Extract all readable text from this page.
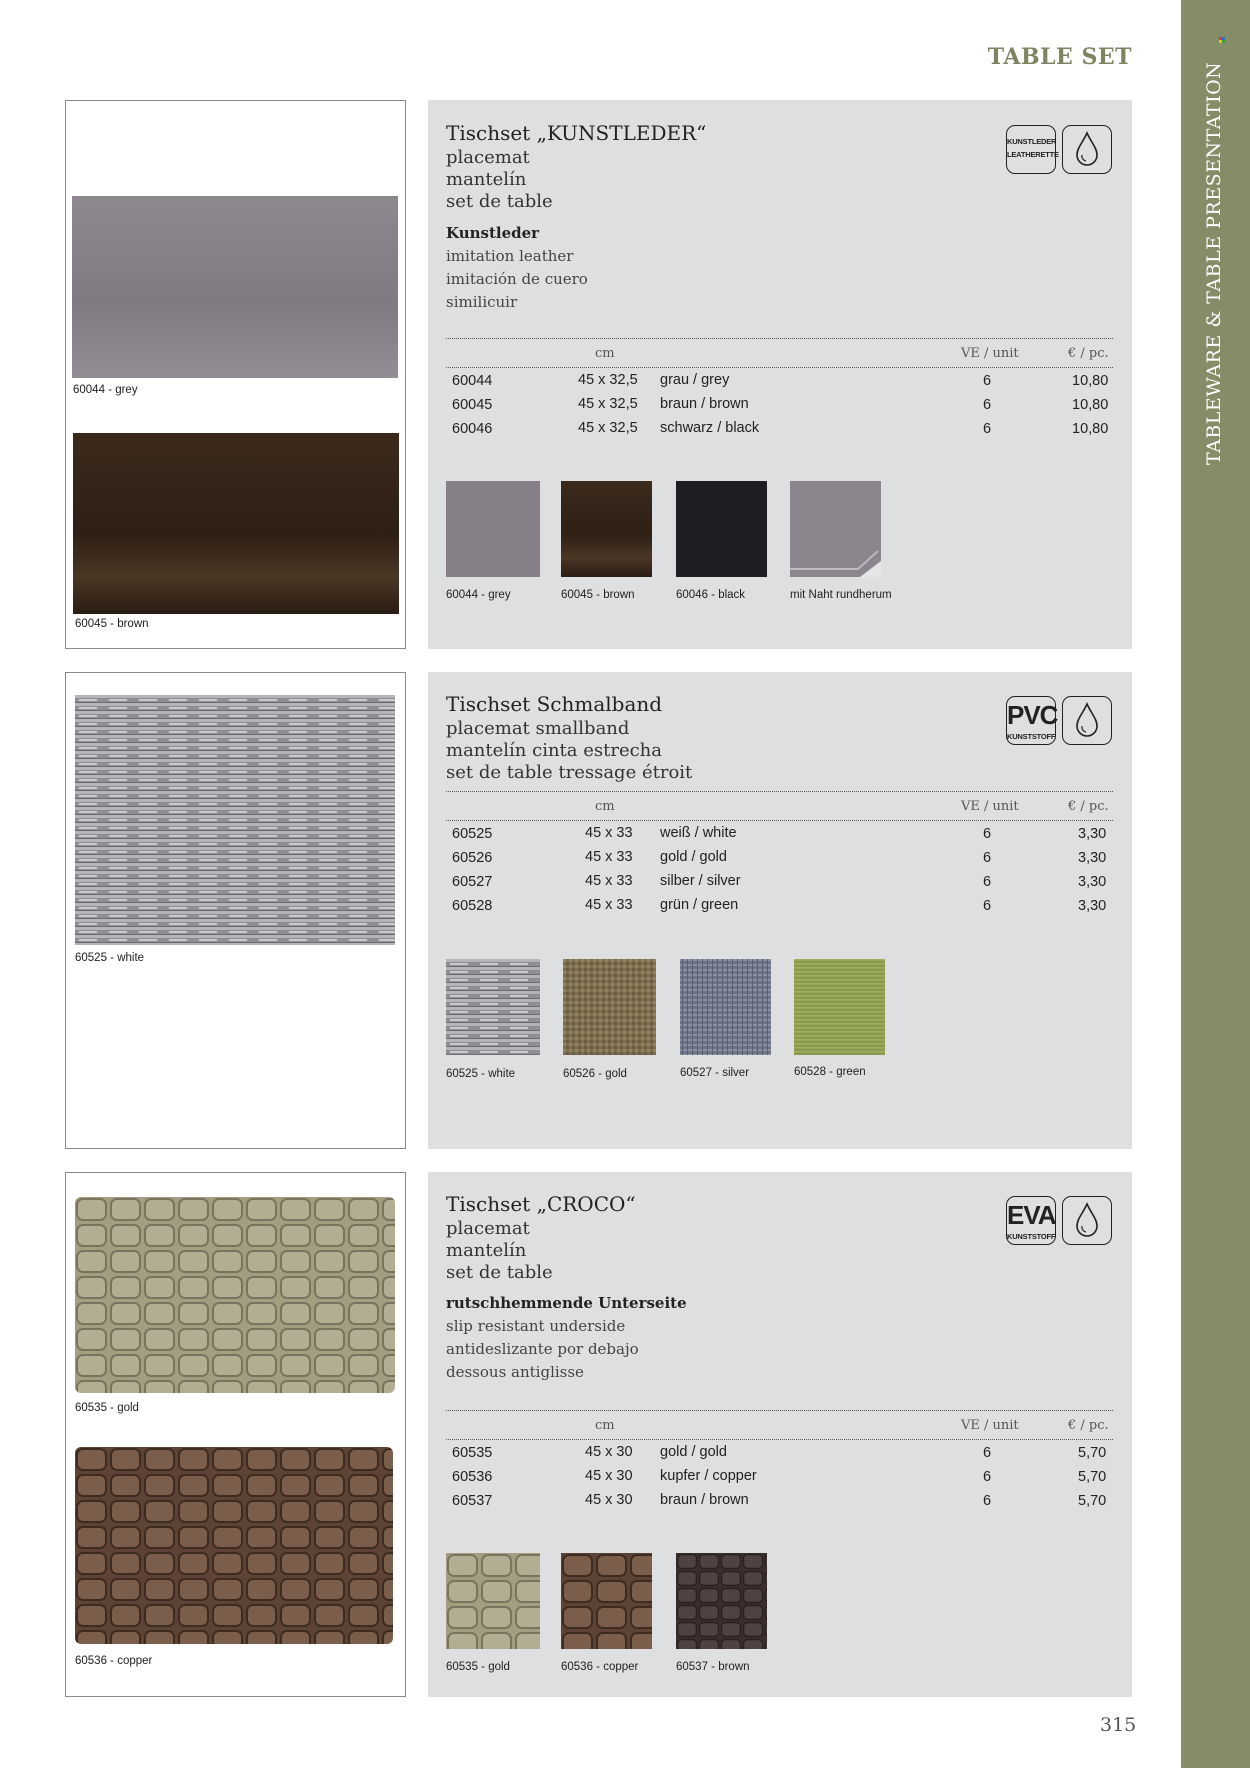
TABLEWARE & TABLE PRESENTATION
TABLE SET
315
60044 - grey
60045 - brown
Tischset „KUNSTLEDER“
placemat
mantelín
set de table
Kunstleder
imitation leather
imitación de cuero
similicuir
KUNSTLEDER
LEATHERETTE
cm	VE / unit	€ / pc.
60044	45 x 32,5 grau / grey	6	10,80
60045	45 x 32,5 braun / brown	6	10,80
60046	45 x 32,5 schwarz / black	6	10,80
60044 - grey	60045 - brown	60046 - black	mit Naht rundherum
60525 - white
Tischset Schmalband
placemat smallband
mantelín cinta estrecha
set de table tressage étroit
PVC
KUNSTSTOFF
cm	VE / unit	€ / pc.
60525	45 x 33 weiß / white	6	3,30
60526	45 x 33 gold / gold	6	3,30
60527	45 x 33 silber / silver	6	3,30
60528	45 x 33 grün / green	6	3,30
60525 - white	60526 - gold	60527 - silver	60528 - green
60535 - gold
60536 - copper
Tischset „CROCO“
placemat
mantelín
set de table
rutschhemmende Unterseite
slip resistant underside
antideslizante por debajo
dessous antiglisse
EVA
KUNSTSTOFF
cm	VE / unit	€ / pc.
60535	45 x 30 gold / gold	6	5,70
60536	45 x 30 kupfer / copper	6	5,70
60537	45 x 30 braun / brown	6	5,70
60535 - gold	60536 - copper	60537 - brown
